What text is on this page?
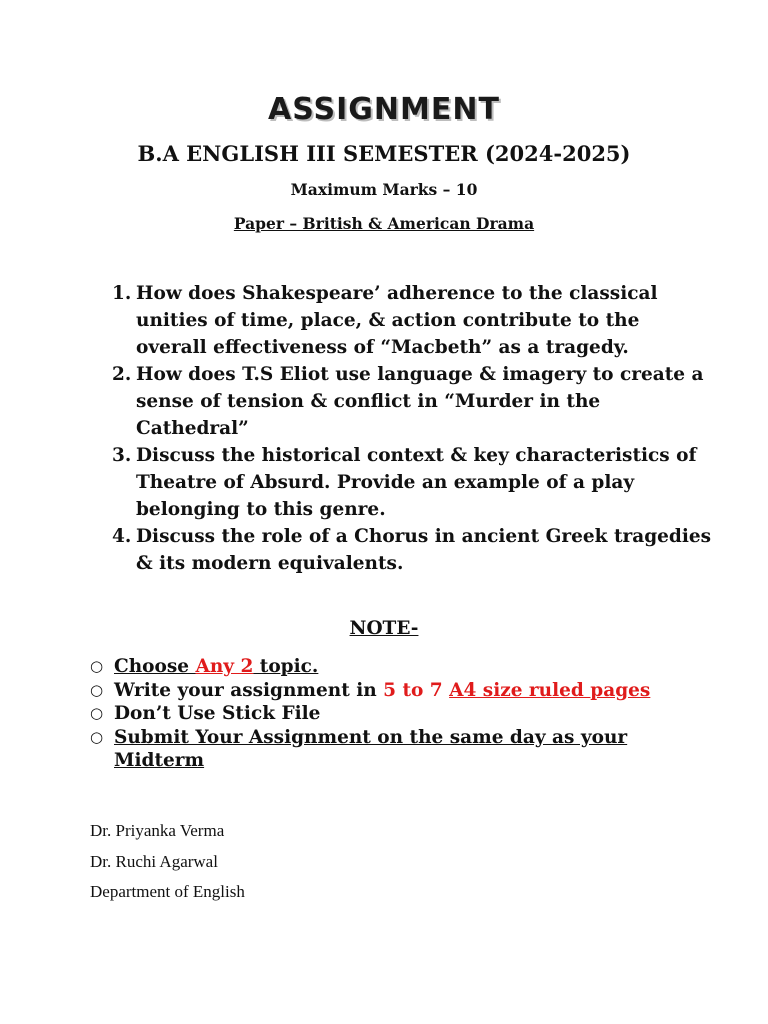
ASSIGNMENT
B.A ENGLISH III SEMESTER (2024-2025)
Maximum Marks – 10
Paper – British & American Drama
1. How does Shakespeare’ adherence to the classical unities of time, place, & action contribute to the overall effectiveness of “Macbeth” as a tragedy.
2. How does T.S Eliot use language & imagery to create a sense of tension & conflict in “Murder in the Cathedral”
3. Discuss the historical context & key characteristics of Theatre of Absurd. Provide an example of a play belonging to this genre.
4. Discuss the role of a Chorus in ancient Greek tragedies & its modern equivalents.
NOTE-
○ Choose Any 2 topic.
○ Write your assignment in 5 to 7 A4 size ruled pages
○ Don’t Use Stick File
○ Submit Your Assignment on the same day as your Midterm
Dr. Priyanka Verma
Dr. Ruchi Agarwal
Department of English
